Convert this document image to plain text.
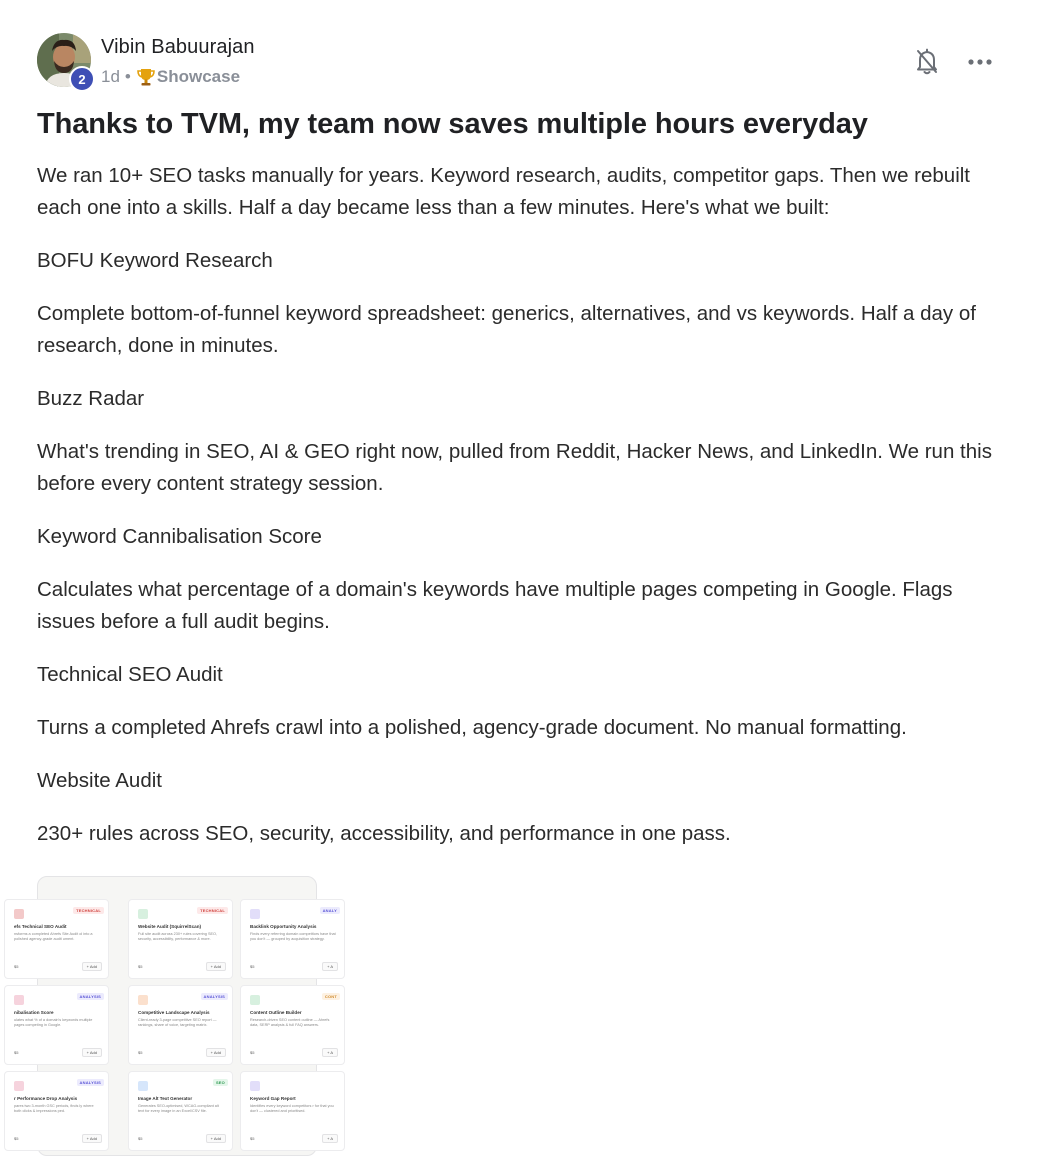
2
Vibin Babuurajan
1d • Showcase
Thanks to TVM, my team now saves multiple hours everyday

We ran 10+ SEO tasks manually for years. Keyword research, audits, competitor gaps. Then we rebuilt each one into a skills. Half a day became less than a few minutes. Here's what we built:

BOFU Keyword Research

Complete bottom-of-funnel keyword spreadsheet: generics, alternatives, and vs keywords. Half a day of research, done in minutes.

Buzz Radar

What's trending in SEO, AI & GEO right now, pulled from Reddit, Hacker News, and LinkedIn. We run this before every content strategy session.

Keyword Cannibalisation Score

Calculates what percentage of a domain's keywords have multiple pages competing in Google. Flags issues before a full audit begins.

Technical SEO Audit

Turns a completed Ahrefs crawl into a polished, agency-grade document. No manual formatting.

Website Audit

230+ rules across SEO, security, accessibility, and performance in one pass.

TECHNICAL
efs Technical SEO Audit
nsforms a completed Ahrefs Site Audit ol into a polished agency-grade audit ument.
$5	+ Add
TECHNICAL
Website Audit (SquirrelScan)
Full site audit across 230+ rules covering SEO, security, accessibility, performance & more.
$5	+ Add
ANALY
Backlink Opportunity Analysis
Finds every referring domain competitors have that you don't — grouped by acquisition strategy.
$5	+ A
ANALYSIS
nibalisation Score
ulates what % of a domain's keywords multiple pages competing in Google.
$5	+ Add
ANALYSIS
Competitive Landscape Analysis
Client-ready 3-page competitive SEO report — rankings, share of voice, targeting matrix.
$5	+ Add
CONT
Content Outline Builder
Research-driven SEO content outline — Ahrefs data, SERP analysis & full FAQ answers.
$5	+ A
ANALYSIS
r Performance Drop Analysis
pares two 3-month GSC periods, finds ly where both clicks & impressions ped.
$5	+ Add
SEO
Image Alt Text Generator
Generates SEO-optimised, WCAG-compliant alt text for every image in an Excel/CSV file.
$5	+ Add
Keyword Gap Report
Identifies every keyword competitors r for that you don't — clustered and prioritised.
$5	+ A
